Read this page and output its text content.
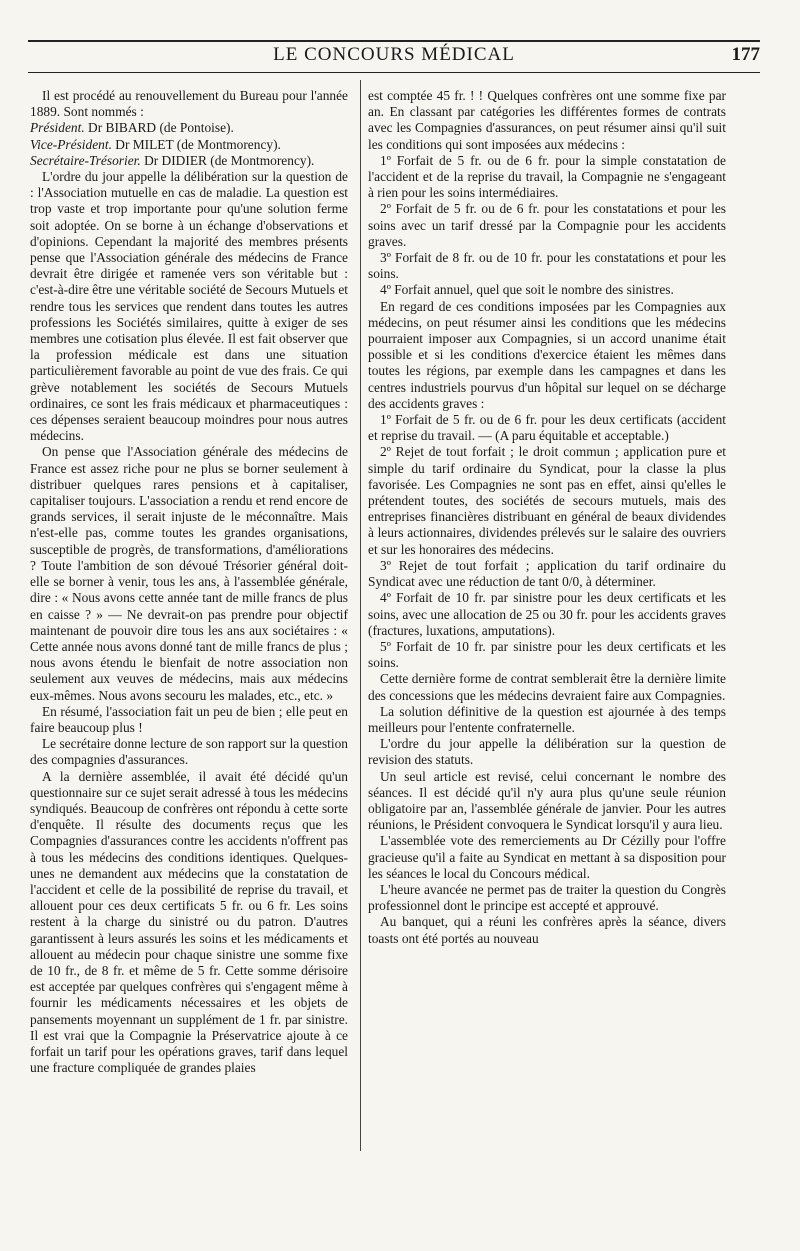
LE CONCOURS MÉDICAL	177

Il est procédé au renouvellement du Bureau pour l'année 1889. Sont nommés :

Président. Dr BIBARD (de Pontoise).

Vice-Président. Dr MILET (de Montmorency).

Secrétaire-Trésorier. Dr DIDIER (de Montmorency).

L'ordre du jour appelle la délibération sur la question de : l'Association mutuelle en cas de maladie. La question est trop vaste et trop importante pour qu'une solution ferme soit adoptée. On se borne à un échange d'observations et d'opinions. Cependant la majorité des membres présents pense que l'Association générale des médecins de France devrait être dirigée et ramenée vers son véritable but : c'est-à-dire être une véritable société de Secours Mutuels et rendre tous les services que rendent dans toutes les autres professions les Sociétés similaires, quitte à exiger de ses membres une cotisation plus élevée. Il est fait observer que la profession médicale est dans une situation particulièrement favorable au point de vue des frais. Ce qui grève notablement les sociétés de Secours Mutuels ordinaires, ce sont les frais médicaux et pharmaceutiques : ces dépenses seraient beaucoup moindres pour nous autres médecins.

On pense que l'Association générale des médecins de France est assez riche pour ne plus se borner seulement à distribuer quelques rares pensions et à capitaliser, capitaliser toujours. L'association a rendu et rend encore de grands services, il serait injuste de le méconnaître. Mais n'est-elle pas, comme toutes les grandes organisations, susceptible de progrès, de transformations, d'améliorations ? Toute l'ambition de son dévoué Trésorier général doit-elle se borner à venir, tous les ans, à l'assemblée générale, dire : « Nous avons cette année tant de mille francs de plus en caisse ? » — Ne devrait-on pas prendre pour objectif maintenant de pouvoir dire tous les ans aux sociétaires : « Cette année nous avons donné tant de mille francs de plus ; nous avons étendu le bienfait de notre association non seulement aux veuves de médecins, mais aux médecins eux-mêmes. Nous avons secouru les malades, etc., etc. »

En résumé, l'association fait un peu de bien ; elle peut en faire beaucoup plus !

Le secrétaire donne lecture de son rapport sur la question des compagnies d'assurances.

A la dernière assemblée, il avait été décidé qu'un questionnaire sur ce sujet serait adressé à tous les médecins syndiqués. Beaucoup de confrères ont répondu à cette sorte d'enquête. Il résulte des documents reçus que les Compagnies d'assurances contre les accidents n'offrent pas à tous les médecins des conditions identiques. Quelques-unes ne demandent aux médecins que la constatation de l'accident et celle de la possibilité de reprise du travail, et allouent pour ces deux certificats 5 fr. ou 6 fr. Les soins restent à la charge du sinistré ou du patron. D'autres garantissent à leurs assurés les soins et les médicaments et allouent au médecin pour chaque sinistre une somme fixe de 10 fr., de 8 fr. et même de 5 fr. Cette somme dérisoire est acceptée par quelques confrères qui s'engagent même à fournir les médicaments nécessaires et les objets de pansements moyennant un supplément de 1 fr. par sinistre. Il est vrai que la Compagnie la Préservatrice ajoute à ce forfait un tarif pour les opérations graves, tarif dans lequel une fracture compliquée de grandes plaies

est comptée 45 fr. ! ! Quelques confrères ont une somme fixe par an. En classant par catégories les différentes formes de contrats avec les Compagnies d'assurances, on peut résumer ainsi qu'il suit les conditions qui sont imposées aux médecins :

1º Forfait de 5 fr. ou de 6 fr. pour la simple constatation de l'accident et de la reprise du travail, la Compagnie ne s'engageant à rien pour les soins intermédiaires.

2º Forfait de 5 fr. ou de 6 fr. pour les constatations et pour les soins avec un tarif dressé par la Compagnie pour les accidents graves.

3º Forfait de 8 fr. ou de 10 fr. pour les constatations et pour les soins.

4º Forfait annuel, quel que soit le nombre des sinistres.

En regard de ces conditions imposées par les Compagnies aux médecins, on peut résumer ainsi les conditions que les médecins pourraient imposer aux Compagnies, si un accord unanime était possible et si les conditions d'exercice étaient les mêmes dans toutes les régions, par exemple dans les campagnes et dans les centres industriels pourvus d'un hôpital sur lequel on se décharge des accidents graves :

1º Forfait de 5 fr. ou de 6 fr. pour les deux certificats (accident et reprise du travail. — (A paru équitable et acceptable.)

2º Rejet de tout forfait ; le droit commun ; application pure et simple du tarif ordinaire du Syndicat, pour la classe la plus favorisée. Les Compagnies ne sont pas en effet, ainsi qu'elles le prétendent toutes, des sociétés de secours mutuels, mais des entreprises financières distribuant en général de beaux dividendes à leurs actionnaires, dividendes prélevés sur le salaire des ouvriers et sur les honoraires des médecins.

3º Rejet de tout forfait ; application du tarif ordinaire du Syndicat avec une réduction de tant 0/0, à déterminer.

4º Forfait de 10 fr. par sinistre pour les deux certificats et les soins, avec une allocation de 25 ou 30 fr. pour les accidents graves (fractures, luxations, amputations).

5º Forfait de 10 fr. par sinistre pour les deux certificats et les soins.

Cette dernière forme de contrat semblerait être la dernière limite des concessions que les médecins devraient faire aux Compagnies.

La solution définitive de la question est ajournée à des temps meilleurs pour l'entente confraternelle.

L'ordre du jour appelle la délibération sur la question de revision des statuts.

Un seul article est revisé, celui concernant le nombre des séances. Il est décidé qu'il n'y aura plus qu'une seule réunion obligatoire par an, l'assemblée générale de janvier. Pour les autres réunions, le Président convoquera le Syndicat lorsqu'il y aura lieu.

L'assemblée vote des remerciements au Dr Cézilly pour l'offre gracieuse qu'il a faite au Syndicat en mettant à sa disposition pour les séances le local du Concours médical.

L'heure avancée ne permet pas de traiter la question du Congrès professionnel dont le principe est accepté et approuvé.

Au banquet, qui a réuni les confrères après la séance, divers toasts ont été portés au nouveau
